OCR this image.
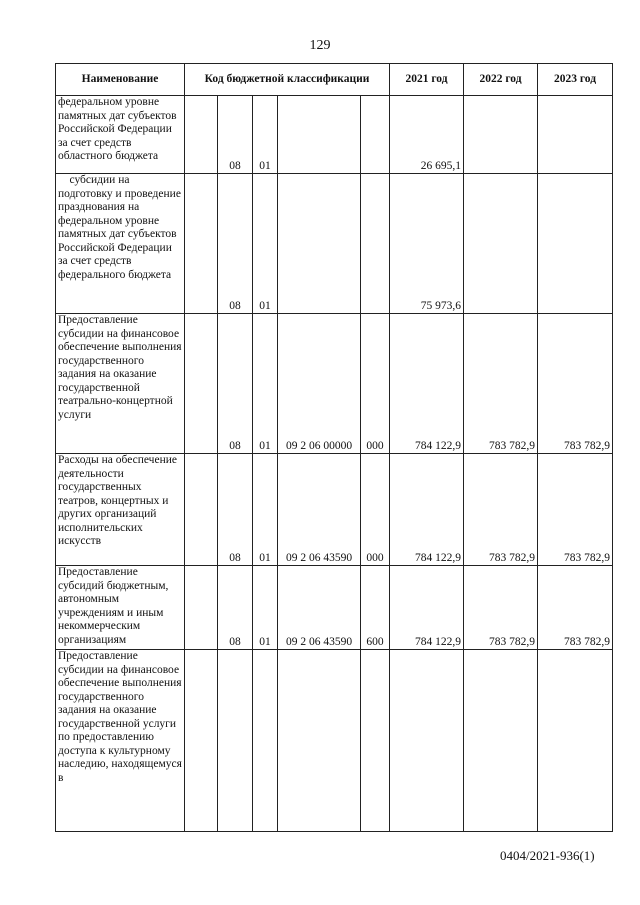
129
Наименование	Код бюджетной классификации					2021 год	2022 год	2023 год
федеральном уровне памятных дат субъектов Российской Федерации за счет средств областного бюджета		08	01			26 695,1		
субсидии на подготовку и проведение празднования на федеральном уровне памятных дат субъектов Российской Федерации за счет средств федерального бюджета		08	01			75 973,6		
Предоставление субсидии на финансовое обеспечение выполнения государственного задания на оказание государственной театрально-концертной услуги		08	01	09 2 06 00000	000	784 122,9	783 782,9	783 782,9
Расходы на обеспечение деятельности государственных театров, концертных и других организаций исполнительских искусств		08	01	09 2 06 43590	000	784 122,9	783 782,9	783 782,9
Предоставление субсидий бюджетным, автономным учреждениям и иным некоммерческим организациям		08	01	09 2 06 43590	600	784 122,9	783 782,9	783 782,9
Предоставление субсидии на финансовое обеспечение выполнения государственного задания на оказание государственной услуги по предоставлению доступа к культурному наследию, находящемуся в								
0404/2021-936(1)
